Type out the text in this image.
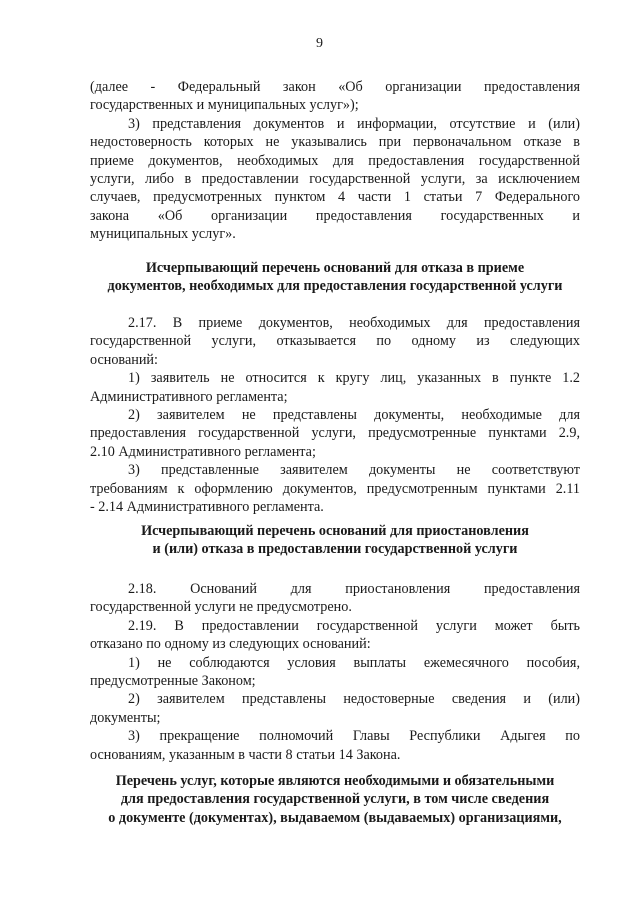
9
(далее - Федеральный закон «Об организации предоставления
государственных и муниципальных услуг»);
3) представления документов и информации, отсутствие и (или)
недостоверность которых не указывались при первоначальном отказе в
приеме документов, необходимых для предоставления государственной
услуги, либо в предоставлении государственной услуги, за исключением
случаев, предусмотренных пунктом 4 части 1 статьи 7 Федерального
закона «Об организации предоставления государственных и
муниципальных услуг».
Исчерпывающий перечень оснований для отказа в приеме
документов, необходимых для предоставления государственной услуги
2.17. В приеме документов, необходимых для предоставления
государственной услуги, отказывается по одному из следующих
оснований:
1) заявитель не относится к кругу лиц, указанных в пункте 1.2
Административного регламента;
2) заявителем не представлены документы, необходимые для
предоставления государственной услуги, предусмотренные пунктами 2.9,
2.10 Административного регламента;
3) представленные заявителем документы не соответствуют
требованиям к оформлению документов, предусмотренным пунктами 2.11
- 2.14 Административного регламента.
Исчерпывающий перечень оснований для приостановления
и (или) отказа в предоставлении государственной услуги
2.18. Оснований для приостановления предоставления
государственной услуги не предусмотрено.
2.19. В предоставлении государственной услуги может быть
отказано по одному из следующих оснований:
1) не соблюдаются условия выплаты ежемесячного пособия,
предусмотренные Законом;
2) заявителем представлены недостоверные сведения и (или)
документы;
3) прекращение полномочий Главы Республики Адыгея по
основаниям, указанным в части 8 статьи 14 Закона.
Перечень услуг, которые являются необходимыми и обязательными
для предоставления государственной услуги, в том числе сведения
о документе (документах), выдаваемом (выдаваемых) организациями,
